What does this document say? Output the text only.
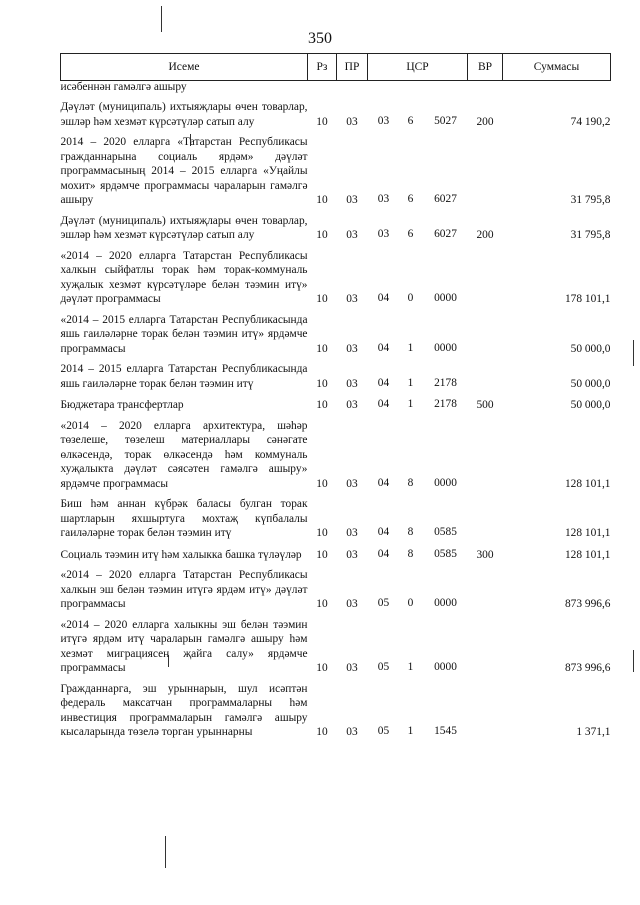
350
Исеме	Рз	ПР	ЦСР	ВР	Суммасы
исәбеннән гамәлгә ашыру					

Дәүләт (муниципаль) ихтыяҗлары өчен товарлар, эшләр һәм хезмәт күрсәтүләр сатып алу	10	03	03 6 5027	200	74 190,2

2014 – 2020 елларга «Татарстан Республикасы гражданнарына социаль ярдәм» дәүләт программасының 2014 – 2015 елларга «Уңайлы мохит» ярдәмче программасы чараларын гамәлгә ашыру	10	03	03 6 6027		31 795,8

Дәүләт (муниципаль) ихтыяҗлары өчен товарлар, эшләр һәм хезмәт күрсәтүләр сатып алу	10	03	03 6 6027	200	31 795,8

«2014 – 2020 елларга Татарстан Республикасы халкын сыйфатлы торак һәм торак-коммуналь хуҗалык хезмәт күрсәтүләре белән тәэмин итү» дәүләт программасы	10	03	04 0 0000		178 101,1

«2014 – 2015 елларга Татарстан Республикасында яшь гаиләләрне торак белән тәэмин итү» ярдәмче программасы	10	03	04 1 0000		50 000,0

2014 – 2015 елларга Татарстан Республикасында яшь гаиләләрне торак белән тәэмин итү	10	03	04 1 2178		50 000,0

Бюджетара трансфертлар	10	03	04 1 2178	500	50 000,0

«2014 – 2020 елларга архитектура, шәһәр төзелеше, төзелеш материаллары сәнәгате өлкәсендә, торак өлкәсендә һәм коммуналь хуҗалыкта дәүләт сәясәтен гамәлгә ашыру» ярдәмче программасы	10	03	04 8 0000		128 101,1

Биш һәм аннан күбрәк баласы булган торак шартларын яхшыртуга мохтаҗ күпбалалы гаиләләрне торак белән тәэмин итү	10	03	04 8 0585		128 101,1

Социаль тәэмин итү һәм халыкка башка түләүләр	10	03	04 8 0585	300	128 101,1

«2014 – 2020 елларга Татарстан Республикасы халкын эш белән тәэмин итүгә ярдәм итү» дәүләт программасы	10	03	05 0 0000		873 996,6

«2014 – 2020 елларга халыкны эш белән тәэмин итүгә ярдәм итү чараларын гамәлгә ашыру һәм хезмәт миграциясен җайга салу» ярдәмче программасы	10	03	05 1 0000		873 996,6

Гражданнарга, эш урыннарын, шул исәптән федераль максатчан программаларны һәм инвестиция программаларын гамәлгә ашыру кысаларында төзелә торган урыннарны	10	03	05 1 1545		1 371,1
